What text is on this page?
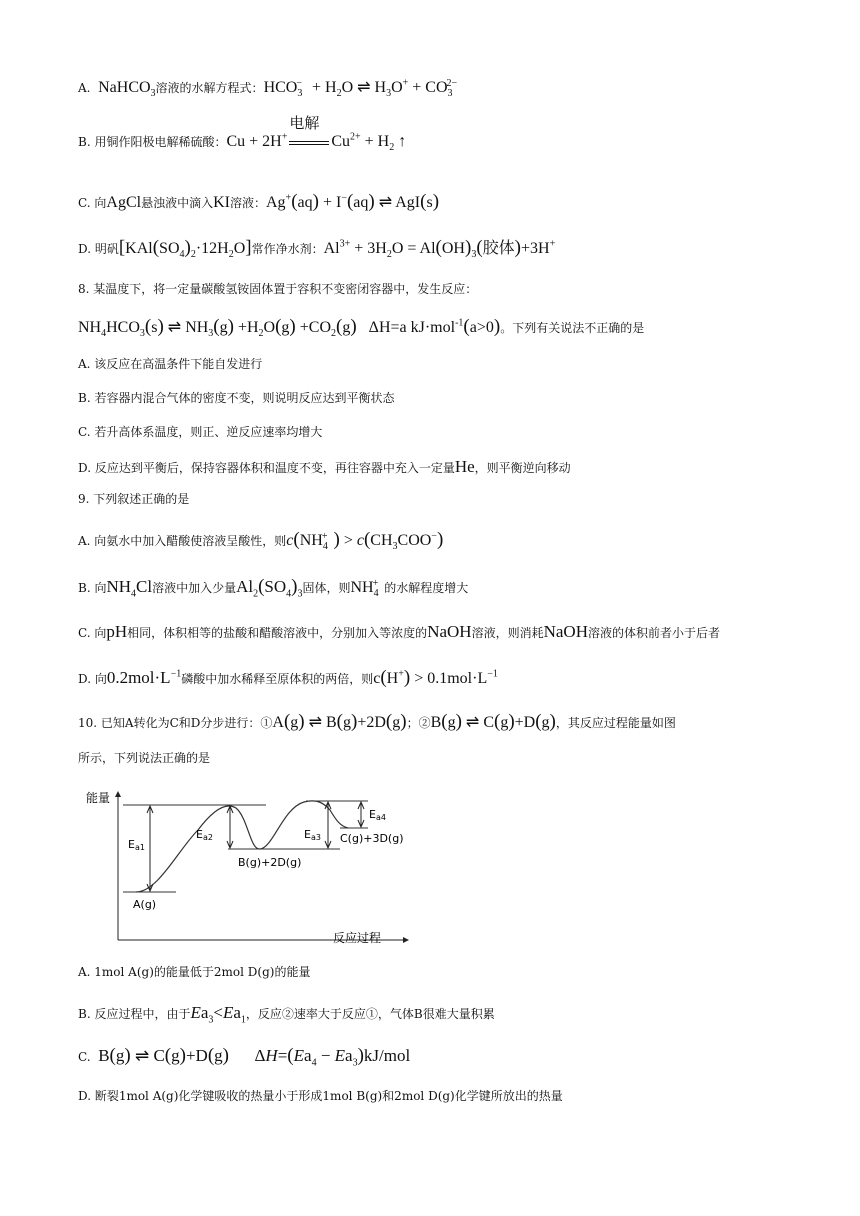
A.  NaHCO$_3$溶液的水解方程式：$HCO_3^- + H_2O$ ⇌ $H_3O^+ + CO_3^{2-}$
B. 用铜作阳极电解稀硫酸：Cu + 2H+
电解
$Cu^{2+} + H_2$ ↑
C. 向AgCl悬浊液中滴入KI溶液：Ag+(aq) + I−(aq) ⇌ AgI(s)
D. 明矾$[KAl(SO_4)_2\cdot 12H_2O]$常作净水剂：$Al^{3+} + 3H_2O = Al(OH)_3$(胶体)+3H+
8. 某温度下，将一定量碳酸氢铵固体置于容积不变密闭容器中，发生反应：
$NH_4HCO_3(s)$ ⇌ $NH_3(g) +H_2O(g) +CO_2(g)$   ΔH=a kJ·mol$^{-1}$(a>0)。下列有关说法不正确的是
A. 该反应在高温条件下能自发进行
B. 若容器内混合气体的密度不变，则说明反应达到平衡状态
C. 若升高体系温度，则正、逆反应速率均增大
D. 反应达到平衡后，保持容器体积和温度不变，再往容器中充入一定量He，则平衡逆向移动
9. 下列叙述正确的是
A. 向氨水中加入醋酸使溶液呈酸性，则$c(NH_4^+$ ) > $c(CH_3COO^-)$
B. 向$NH_4Cl$溶液中加入少量$Al_2(SO_4)_3$固体，则$NH_4^+$ 的水解程度增大
C. 向pH相同，体积相等的盐酸和醋酸溶液中，分别加入等浓度的NaOH溶液，则消耗NaOH溶液的体积前者小于后者
D. 向$0.2mol\cdot L^{-1}$磷酸中加水稀释至原体积的两倍，则$c(H^+) > 0.1mol\cdot L^{-1}$
10. 已知A转化为C和D分步进行：①A(g) ⇌ B(g)+2D(g)；②B(g) ⇌ C(g)+D(g)，其反应过程能量如图
所示，下列说法正确的是
能量
反应过程
Ea1
Ea2	Ea3
Ea4
A(g)
B(g)+2D(g)
C(g)+3D(g)
A. 1mol A(g)的能量低于2mol D(g)的能量
B. 反应过程中，由于$Ea_3<Ea_1$，反应②速率大于反应①，气体B很难大量积累
C.  B(g) ⇌ C(g)+D(g)      $\Delta H=(Ea_4 - Ea_3)kJ/mol$
D. 断裂1mol A(g)化学键吸收的热量小于形成1mol B(g)和2mol D(g)化学键所放出的热量
